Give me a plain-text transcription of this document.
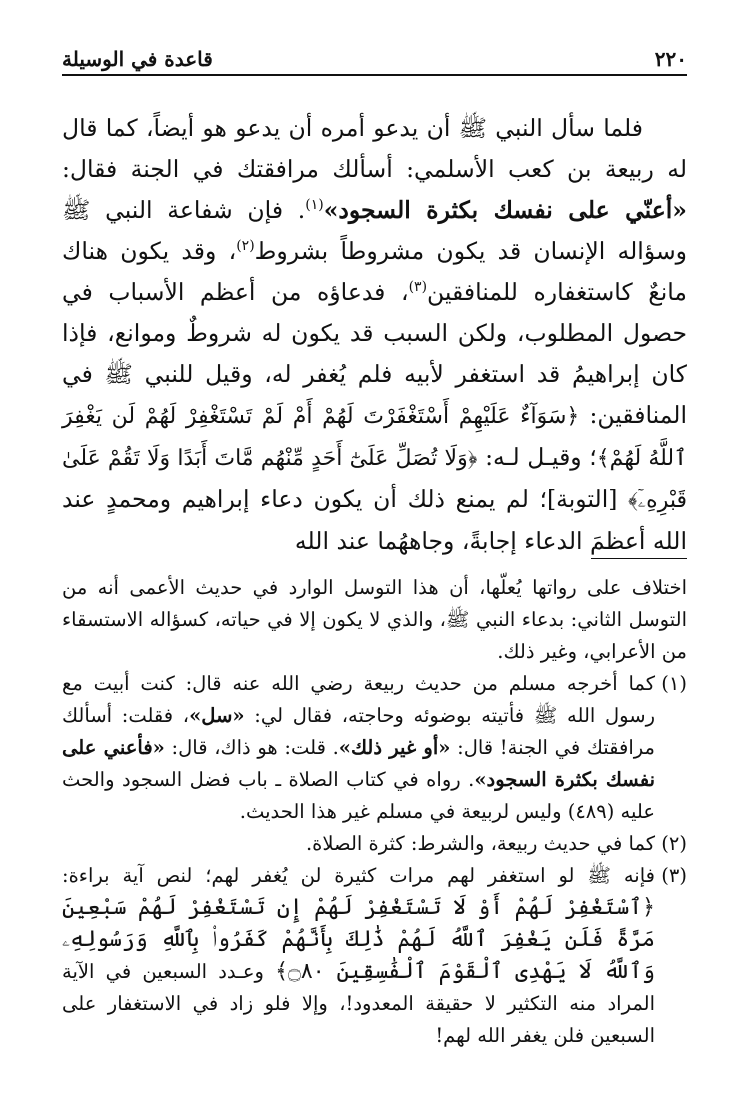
قاعدة في الوسيلة	٢٢٠

فلما سأل النبي ﷺ أن يدعو أمره أن يدعو هو أيضاً، كما قال له ربيعة بن كعب الأسلمي: أسألك مرافقتك في الجنة فقال: «أعنّي على نفسك بكثرة السجود»$^{(١)}$. فإن شفاعة النبي ﷺ وسؤاله الإنسان قد يكون مشروطاً بشروط$^{(٢)}$، وقد يكون هناك مانعٌ كاستغفاره للمنافقين$^{(٣)}$، فدعاؤه من أعظم الأسباب في حصول المطلوب، ولكن السبب قد يكون له شروطٌ وموانع، فإذا كان إبراهيمُ قد استغفر لأبيه فلم يُغفر له، وقيل للنبي ﷺ في المنافقين: ﴿سَوَآءٌ عَلَيْهِمْ أَسْتَغْفَرْتَ لَهُمْ أَمْ لَمْ تَسْتَغْفِرْ لَهُمْ لَن يَغْفِرَ ٱللَّهُ لَهُمْ﴾؛ وقيـل لـه: ﴿وَلَا تُصَلِّ عَلَىٰٓ أَحَدٍ مِّنْهُم مَّاتَ أَبَدًا وَلَا تَقُمْ عَلَىٰ قَبْرِهِۦٓ﴾ [التوبة]؛ لم يمنع ذلك أن يكون دعاء إبراهيم ومحمدٍ عند الله أعظمَ الدعاء إجابةً، وجاههُما عند الله

اختلاف على رواتها يُعلّها، أن هذا التوسل الوارد في حديث الأعمى أنه من التوسل الثاني: بدعاء النبي ﷺ، والذي لا يكون إلا في حياته، كسؤاله الاستسقاء من الأعرابي، وغير ذلك.

(١)
كما أخرجه مسلم من حديث ربيعة رضي الله عنه قال: كنت أبيت مع رسول الله ﷺ فأتيته بوضوئه وحاجته، فقال لي: «سل»، فقلت: أسألك مرافقتك في الجنة! قال: «أو غير ذلك». قلت: هو ذاك، قال: «فأعني على نفسك بكثرة السجود». رواه في كتاب الصلاة ـ باب فضل السجود والحث عليه (٤٨٩) وليس لربيعة في مسلم غير هذا الحديث.
(٢)
كما في حديث ربيعة، والشرط: كثرة الصلاة.
(٣)
فإنه ﷺ لو استغفر لهم مرات كثيرة لن يُغفر لهم؛ لنص آية براءة: ﴿ٱسْتَغْفِرْ لَهُمْ أَوْ لَا تَسْتَغْفِرْ لَهُمْ إِن تَسْتَغْفِرْ لَهُمْ سَبْعِينَ مَرَّةً فَلَن يَغْفِرَ ٱللَّهُ لَهُمْ ذَٰلِكَ بِأَنَّهُمْ كَفَرُوا۟ بِٱللَّهِ وَرَسُولِهِۦ وَٱللَّهُ لَا يَهْدِى ٱلْقَوْمَ ٱلْفَٰسِقِينَ ۝٨٠﴾ وعـدد السبعين في الآية المراد منه التكثير لا حقيقة المعدود!، وإلا فلو زاد في الاستغفار على السبعين فلن يغفر الله لهم!
